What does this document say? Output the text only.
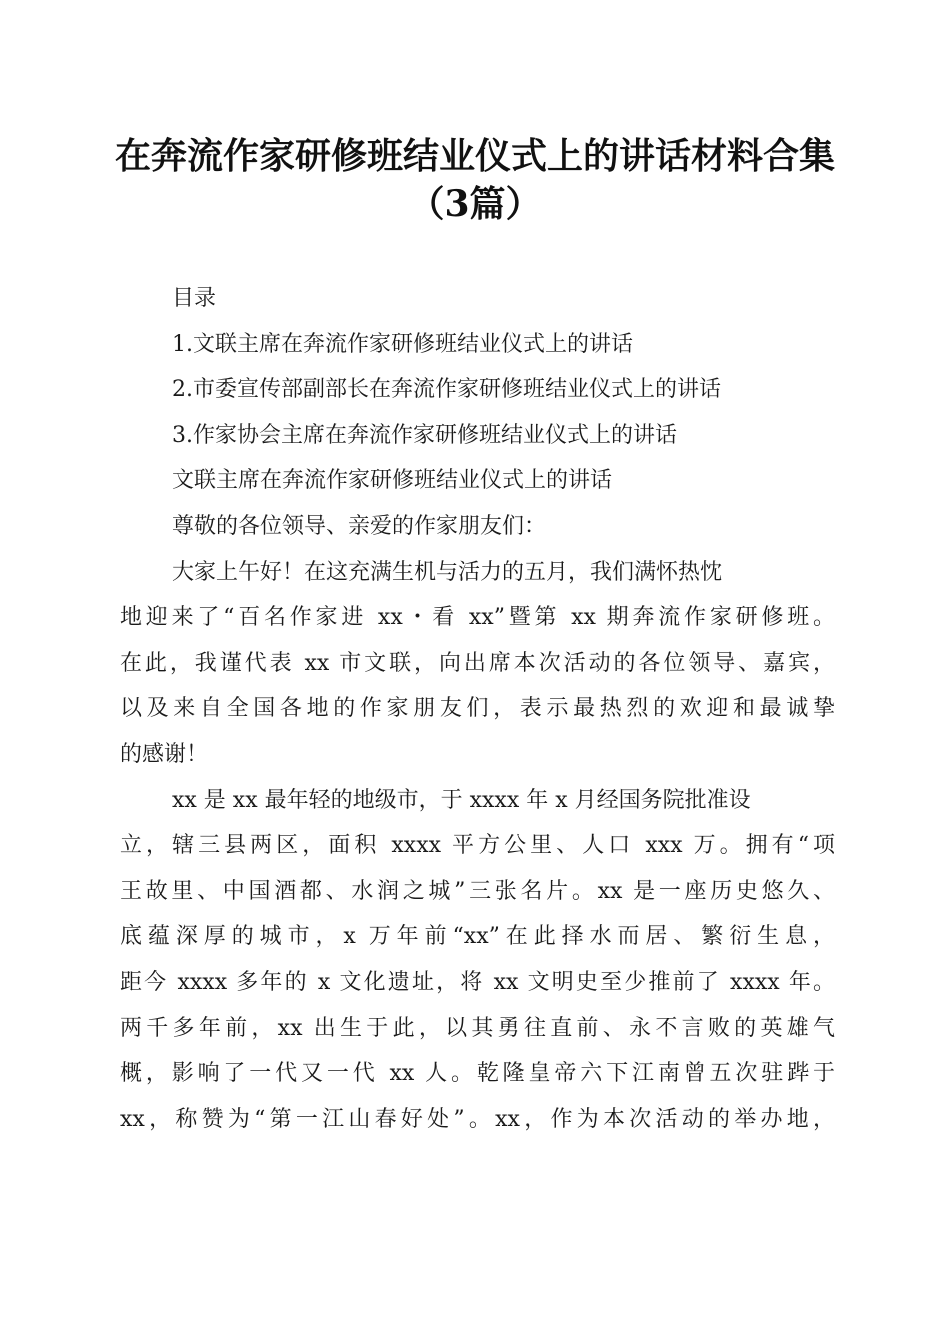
在奔流作家研修班结业仪式上的讲话材料合集
（3篇）
目录
1.文联主席在奔流作家研修班结业仪式上的讲话
2.市委宣传部副部长在奔流作家研修班结业仪式上的讲话
3.作家协会主席在奔流作家研修班结业仪式上的讲话
文联主席在奔流作家研修班结业仪式上的讲话
尊敬的各位领导、亲爱的作家朋友们：
大家上午好！在这充满生机与活力的五月，我们满怀热忱
地迎来了“百名作家进 xx・看 xx”暨第 xx 期奔流作家研修班。
在此，我谨代表 xx 市文联，向出席本次活动的各位领导、嘉宾，
以及来自全国各地的作家朋友们，表示最热烈的欢迎和最诚挚
的感谢！
xx 是 xx 最年轻的地级市，于 xxxx 年 x 月经国务院批准设
立，辖三县两区，面积 xxxx 平方公里、人口 xxx 万。拥有“项
王故里、中国酒都、水润之城”三张名片。xx 是一座历史悠久、
底蕴深厚的城市，x 万年前“xx”在此择水而居、繁衍生息，
距今 xxxx 多年的 x 文化遗址，将 xx 文明史至少推前了 xxxx 年。
两千多年前，xx 出生于此，以其勇往直前、永不言败的英雄气
概，影响了一代又一代 xx 人。乾隆皇帝六下江南曾五次驻跸于
xx，称赞为“第一江山春好处”。xx，作为本次活动的举办地，
